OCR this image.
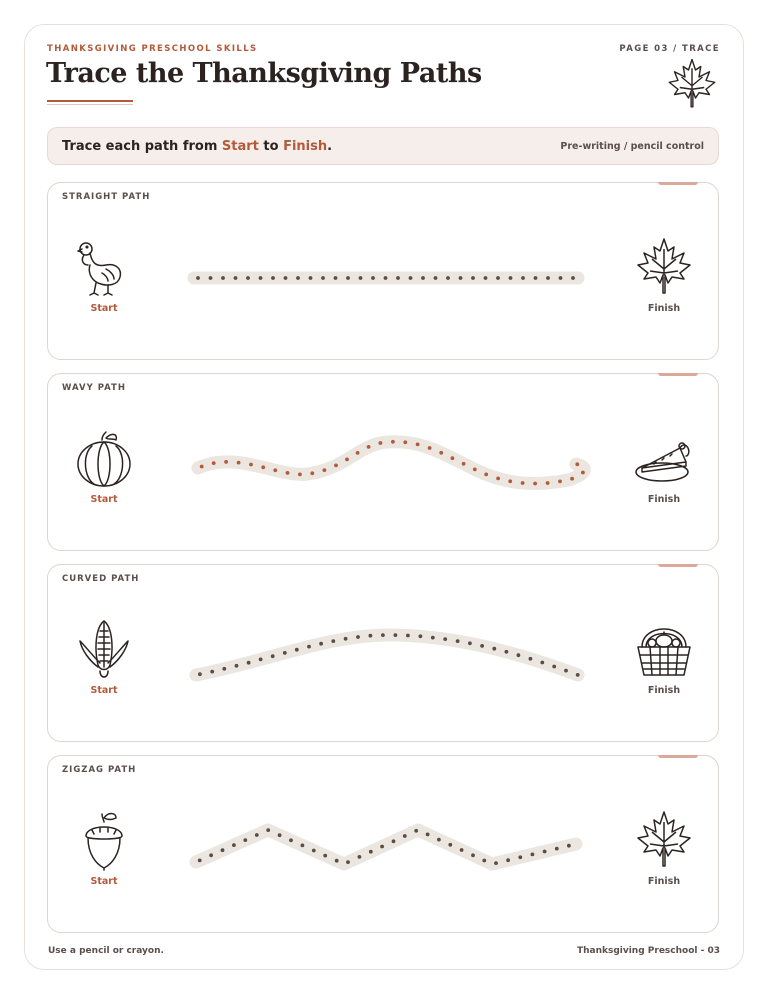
THANKSGIVING PRESCHOOL SKILLS	PAGE 03 / TRACE
Trace the Thanksgiving Paths
Trace each path from Start to Finish.	Pre-writing / pencil control
STRAIGHT PATH
Start	Finish
WAVY PATH
Start	Finish
CURVED PATH
Start	Finish
ZIGZAG PATH
Start	Finish
Use a pencil or crayon.	Thanksgiving Preschool - 03
